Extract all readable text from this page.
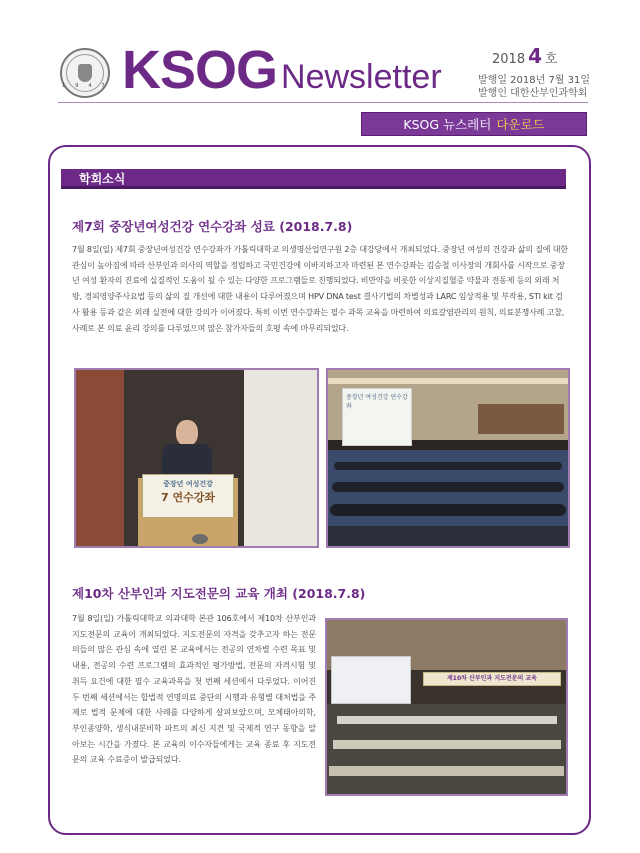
1947 KSOG Newsletter	2018 4 호
발행일 2018년 7월 31일
발행인 대한산부인과학회
KSOG 뉴스레터 다운로드
학회소식
제7회 중장년여성건강 연수강좌 성료 (2018.7.8)
7월 8일(일) 제7회 중장년여성건강 연수강좌가 가톨릭대학교 의생명산업연구원 2층 대강당에서 개최되었다. 중장년 여성의 건강과 삶의 질에 대한 관심이 높아짐에 따라 산부인과 의사의 역할을 정립하고 국민건강에 이바지하고자 마련된 본 연수강좌는 김승철 이사장의 개회사를 시작으로 중장년 여성 환자의 진료에 실질적인 도움이 될 수 있는 다양한 프로그램들로 진행되었다. 비만약을 비롯한 이상지질혈증 약물과 전동제 등의 외래 처방, 경피영양주사요법 등의 삶의 질 개선에 대한 내용이 다루어졌으며 HPV DNA test 결사기법의 차별성과 LARC 임상적용 및 부작용, STI kit 검사 활용 등과 같은 외래 실전에 대한 강의가 이어졌다. 특히 이번 연수강좌는 필수 과목 교육을 마련하여 의료갈염관리의 원칙, 의료분쟁사례 고찰, 사례로 본 의료 윤리 강의를 다루었으며 많은 참가자들의 호평 속에 마무리되었다.
중장년 여성건강
7 연수강좌
중장년 여성건강 연수강좌
제10차 산부인과 지도전문의 교육 개최 (2018.7.8)
7월 8일(일) 가톨릭대학교 의과대학 본관 106호에서 제10차 산부인과 지도전문의 교육이 개최되었다. 지도전문의 자격을 갖추고자 하는 전문의들의 많은 관심 속에 열린 본 교육에서는 전공의 연차별 수련 목표 및 내용, 전공의 수련 프로그램의 효과적인 평가방법, 전문의 자격시험 및 취득 요건에 대한 필수 교육과목을 첫 번째 세션에서 다루었다. 이어진 두 번째 세션에서는 합법적 연명의료 중단의 시행과 유형별 대처법을 주제로 법적 문제에 대한 사례를 다양하게 살펴보았으며, 모체태아의학, 부인종양학, 생식내분비학 파트의 최신 지견 및 국제적 연구 동향을 알아보는 시간을 가졌다. 본 교육의 이수자들에게는 교육 종료 후 지도전문의 교육 수료증이 발급되었다.
제10차 산부인과 지도전문의 교육
